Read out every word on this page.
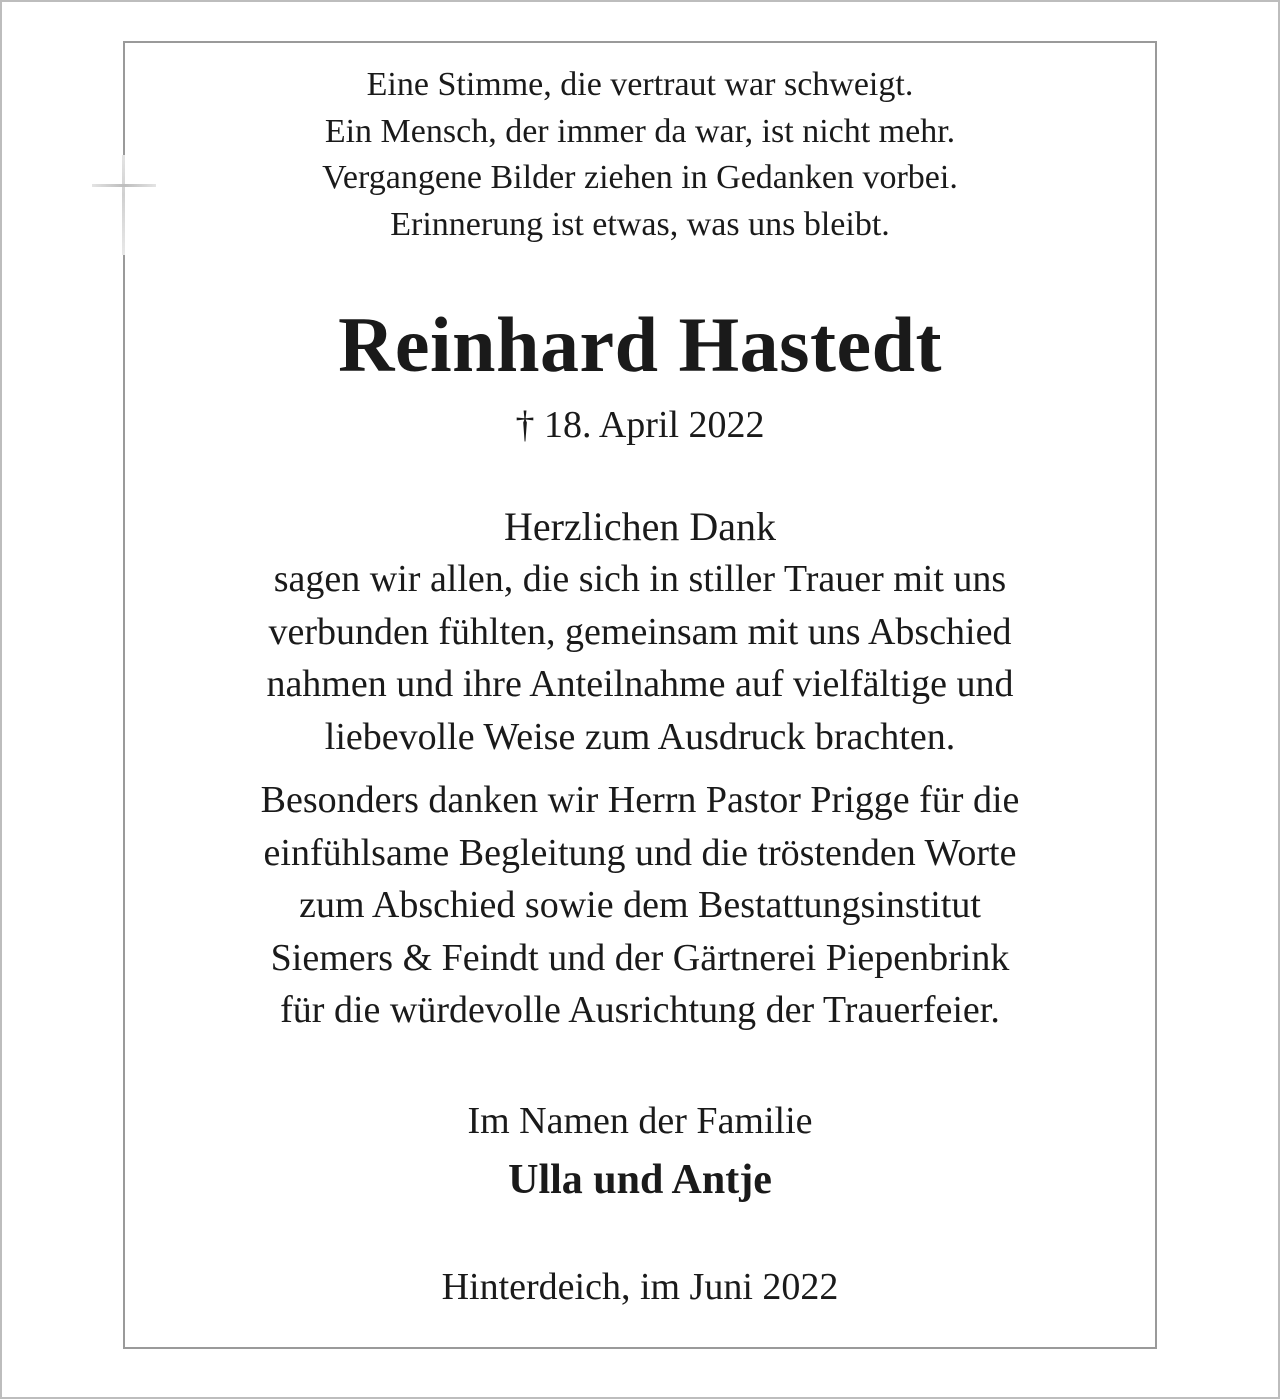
Eine Stimme, die vertraut war schweigt.
Ein Mensch, der immer da war, ist nicht mehr.
Vergangene Bilder ziehen in Gedanken vorbei.
Erinnerung ist etwas, was uns bleibt.
Reinhard Hastedt
† 18. April 2022
Herzlichen Dank
sagen wir allen, die sich in stiller Trauer mit uns
verbunden fühlten, gemeinsam mit uns Abschied
nahmen und ihre Anteilnahme auf vielfältige und
liebevolle Weise zum Ausdruck brachten.
Besonders danken wir Herrn Pastor Prigge für die
einfühlsame Begleitung und die tröstenden Worte
zum Abschied sowie dem Bestattungsinstitut
Siemers & Feindt und der Gärtnerei Piepenbrink
für die würdevolle Ausrichtung der Trauerfeier.
Im Namen der Familie
Ulla und Antje
Hinterdeich, im Juni 2022
